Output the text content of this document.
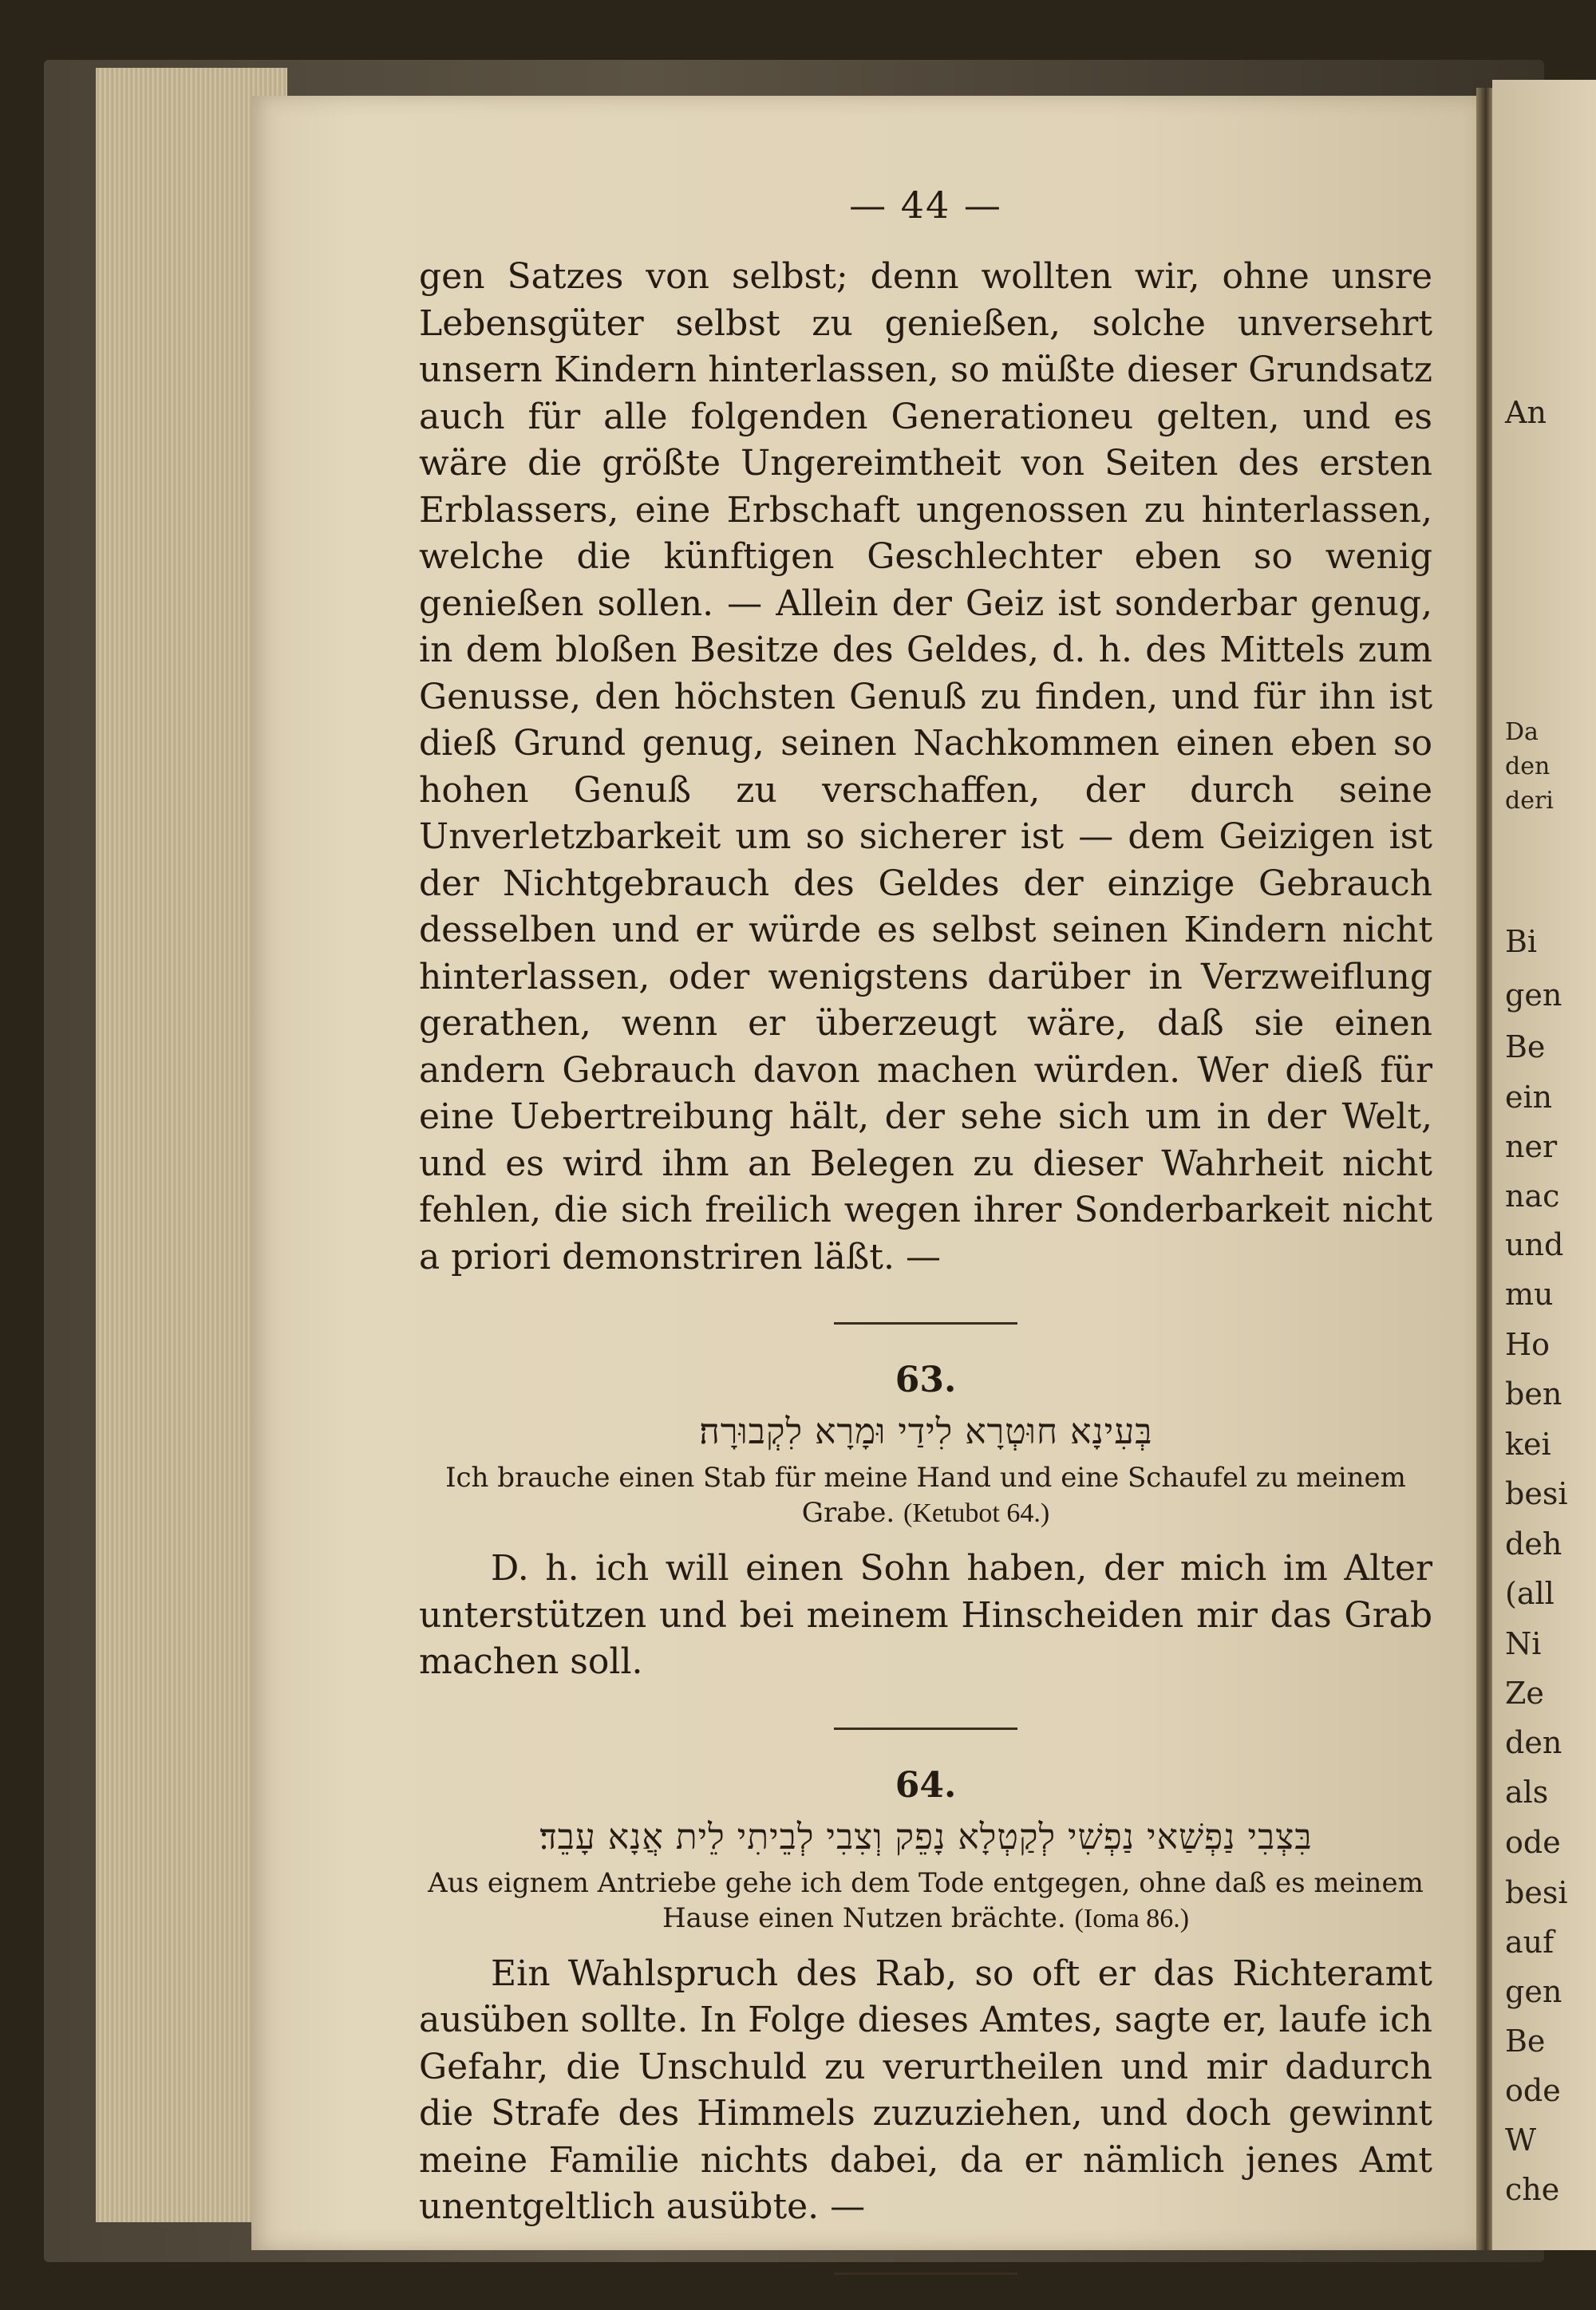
An
Da
den
deri
Bi
gen
Be
ein
ner
nac
und
mu
Ho
ben
kei
besi
deh
(all
Ni
Ze
den
als
ode
besi
auf
gen
Be
ode
W
che
— 44 —

gen Satzes von selbst; denn wollten wir, ohne unsre Lebensgüter selbst zu genießen, solche unversehrt unsern Kindern hinterlassen, so müßte dieser Grundsatz auch für alle folgenden Generationeu gelten, und es wäre die größte Ungereimtheit von Seiten des ersten Erblassers, eine Erbschaft ungenossen zu hinterlassen, welche die künftigen Geschlechter eben so wenig genießen sollen. — Allein der Geiz ist sonderbar genug, in dem bloßen Besitze des Geldes, d. h. des Mittels zum Genusse, den höchsten Genuß zu finden, und für ihn ist dieß Grund genug, seinen Nachkommen einen eben so hohen Genuß zu verschaffen, der durch seine Unverletzbarkeit um so sicherer ist — dem Geizigen ist der Nichtgebrauch des Geldes der einzige Gebrauch desselben und er würde es selbst seinen Kindern nicht hinterlassen, oder wenigstens darüber in Verzweiflung gerathen, wenn er überzeugt wäre, daß sie einen andern Gebrauch davon machen würden. Wer dieß für eine Uebertreibung hält, der sehe sich um in der Welt, und es wird ihm an Belegen zu dieser Wahrheit nicht fehlen, die sich freilich wegen ihrer Sonderbarkeit nicht a priori demonstriren läßt. —

63.
בְּעִינָא חוּטְרָא לִידַי וּמָרָא לִקְבוּרָה׃
Ich brauche einen Stab für meine Hand und eine Schaufel zu meinem Grabe. (Ketubot 64.)

D. h. ich will einen Sohn haben, der mich im Alter unterstützen und bei meinem Hinscheiden mir das Grab machen soll.

64.
בִּצְבִי נַפְשַׁאי נַפְשִׁי לְקַטְלָא נָפֵק וְצִבִי לְבֵיתִי לֵית אֲנָא עָבֵד׃
Aus eignem Antriebe gehe ich dem Tode entgegen, ohne daß es meinem Hause einen Nutzen brächte. (Ioma 86.)

Ein Wahlspruch des Rab, so oft er das Richteramt ausüben sollte. In Folge dieses Amtes, sagte er, laufe ich Gefahr, die Unschuld zu verurtheilen und mir dadurch die Strafe des Himmels zuzuziehen, und doch gewinnt meine Familie nichts dabei, da er nämlich jenes Amt unentgeltlich ausübte. —
